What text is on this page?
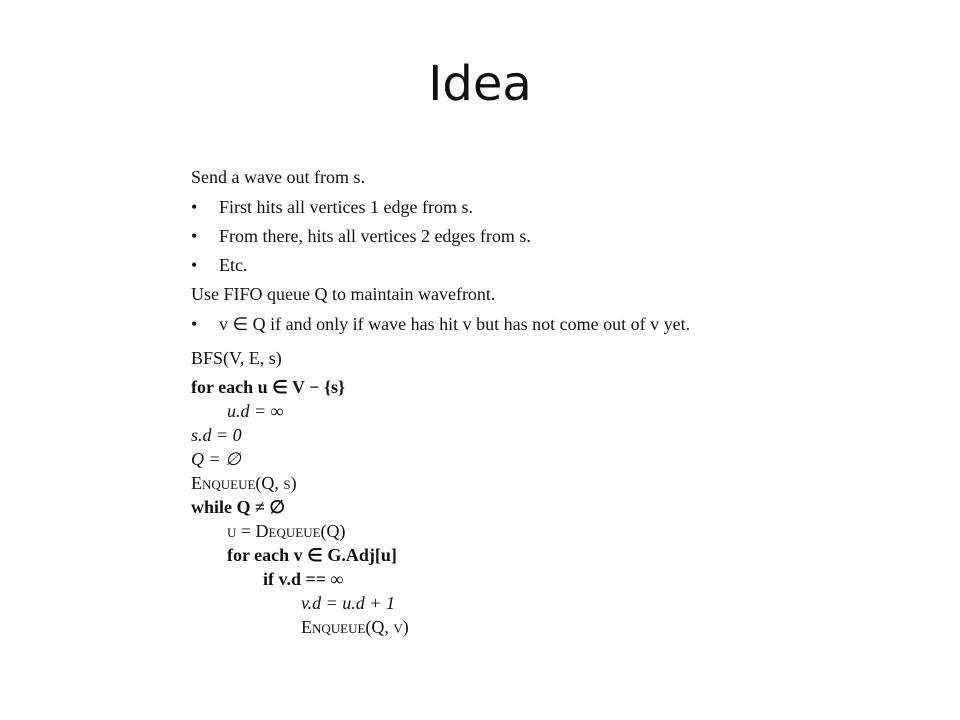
Idea
Send a wave out from s.
• First hits all vertices 1 edge from s.
• From there, hits all vertices 2 edges from s.
• Etc.
Use FIFO queue Q to maintain wavefront.
• v ∈ Q if and only if wave has hit v but has not come out of v yet.
BFS(V, E, s)
for each u ∈ V − {s}
u.d = ∞
s.d = 0
Q = ∅
Enqueue(Q, s)
while Q ≠ ∅
u = Dequeue(Q)
for each v ∈ G.Adj[u]
if v.d == ∞
v.d = u.d + 1
Enqueue(Q, v)
